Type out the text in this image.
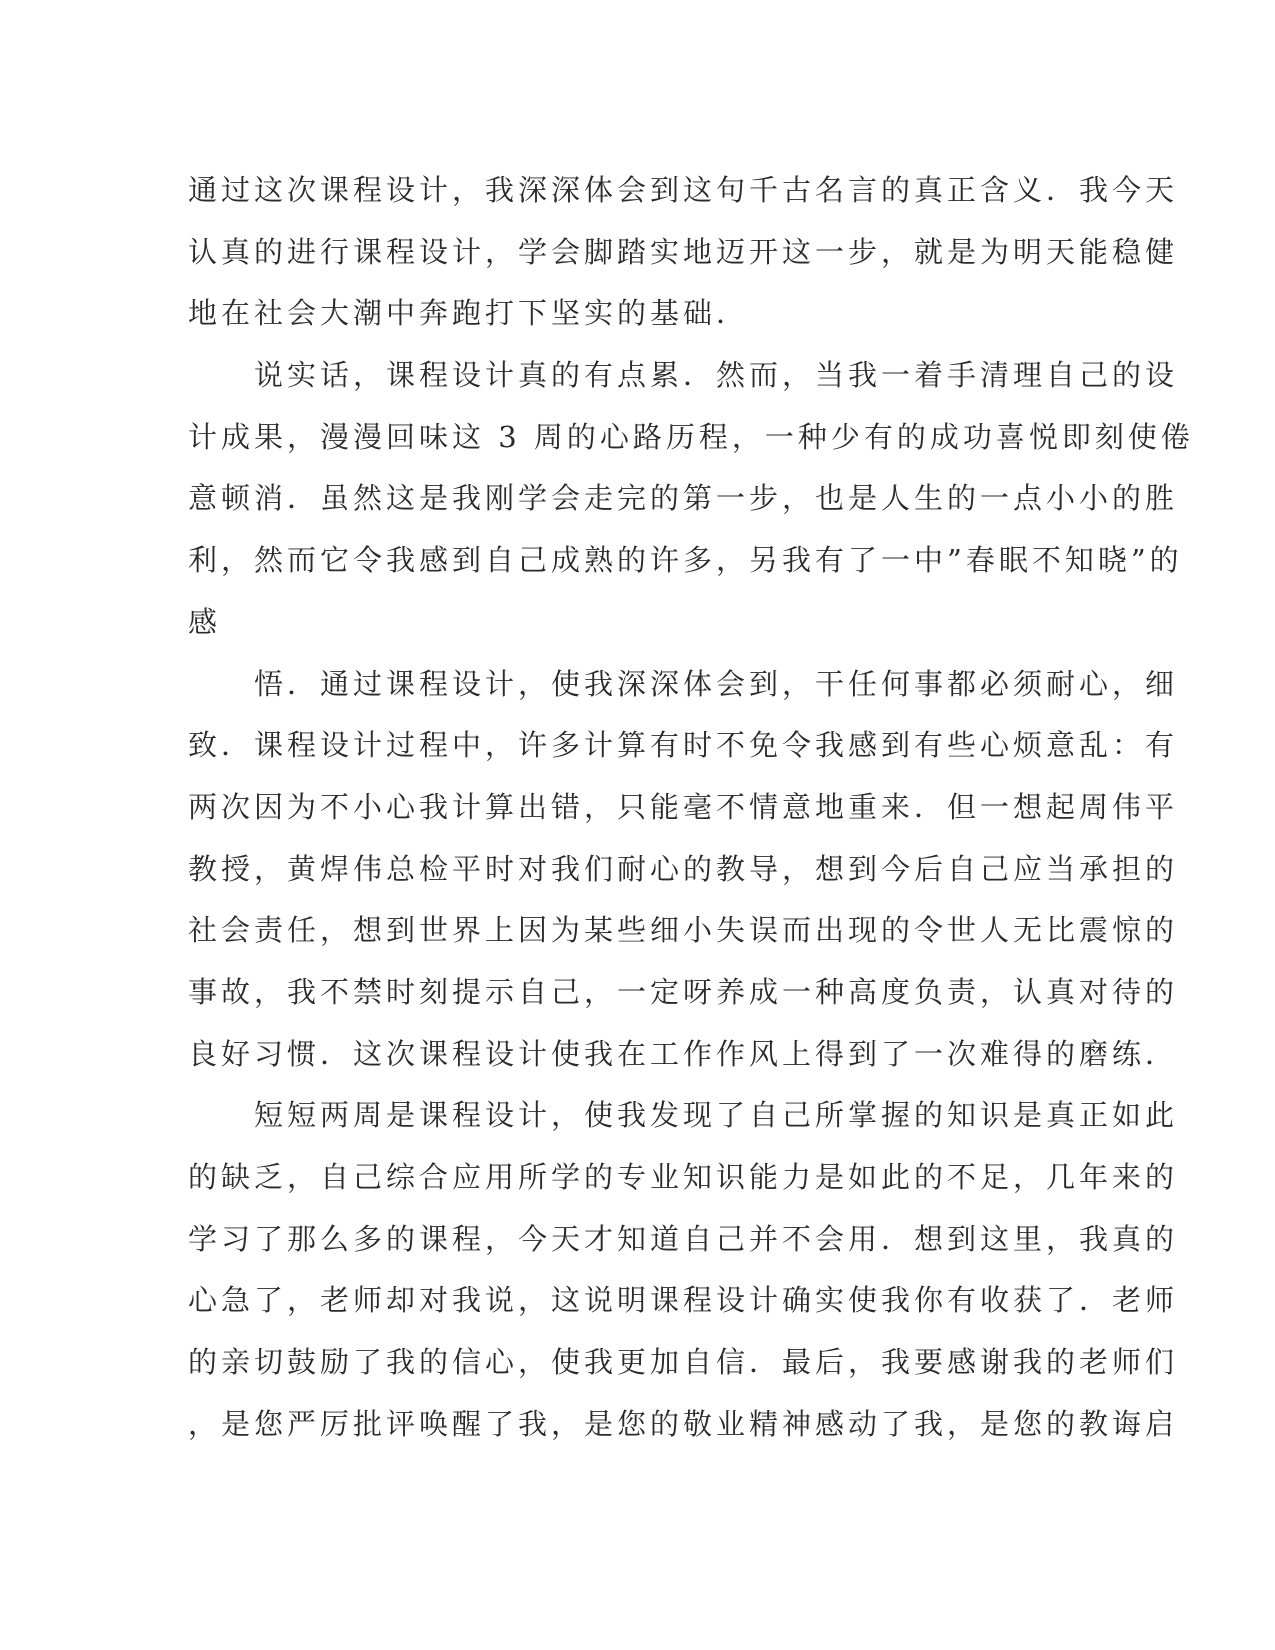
通过这次课程设计，我深深体会到这句千古名言的真正含义．我今天
认真的进行课程设计，学会脚踏实地迈开这一步，就是为明天能稳健
地在社会大潮中奔跑打下坚实的基础．
说实话，课程设计真的有点累．然而，当我一着手清理自己的设
计成果，漫漫回味这 3 周的心路历程，一种少有的成功喜悦即刻使倦
意顿消．虽然这是我刚学会走完的第一步，也是人生的一点小小的胜
利，然而它令我感到自己成熟的许多，另我有了一中”春眠不知晓”的
感
悟．通过课程设计，使我深深体会到，干任何事都必须耐心，细
致．课程设计过程中，许多计算有时不免令我感到有些心烦意乱：有
两次因为不小心我计算出错，只能毫不情意地重来．但一想起周伟平
教授，黄焊伟总检平时对我们耐心的教导，想到今后自己应当承担的
社会责任，想到世界上因为某些细小失误而出现的令世人无比震惊的
事故，我不禁时刻提示自己，一定呀养成一种高度负责，认真对待的
良好习惯．这次课程设计使我在工作作风上得到了一次难得的磨练．
短短两周是课程设计，使我发现了自己所掌握的知识是真正如此
的缺乏，自己综合应用所学的专业知识能力是如此的不足，几年来的
学习了那么多的课程，今天才知道自己并不会用．想到这里，我真的
心急了，老师却对我说，这说明课程设计确实使我你有收获了．老师
的亲切鼓励了我的信心，使我更加自信．最后，我要感谢我的老师们
，是您严厉批评唤醒了我，是您的敬业精神感动了我，是您的教诲启
